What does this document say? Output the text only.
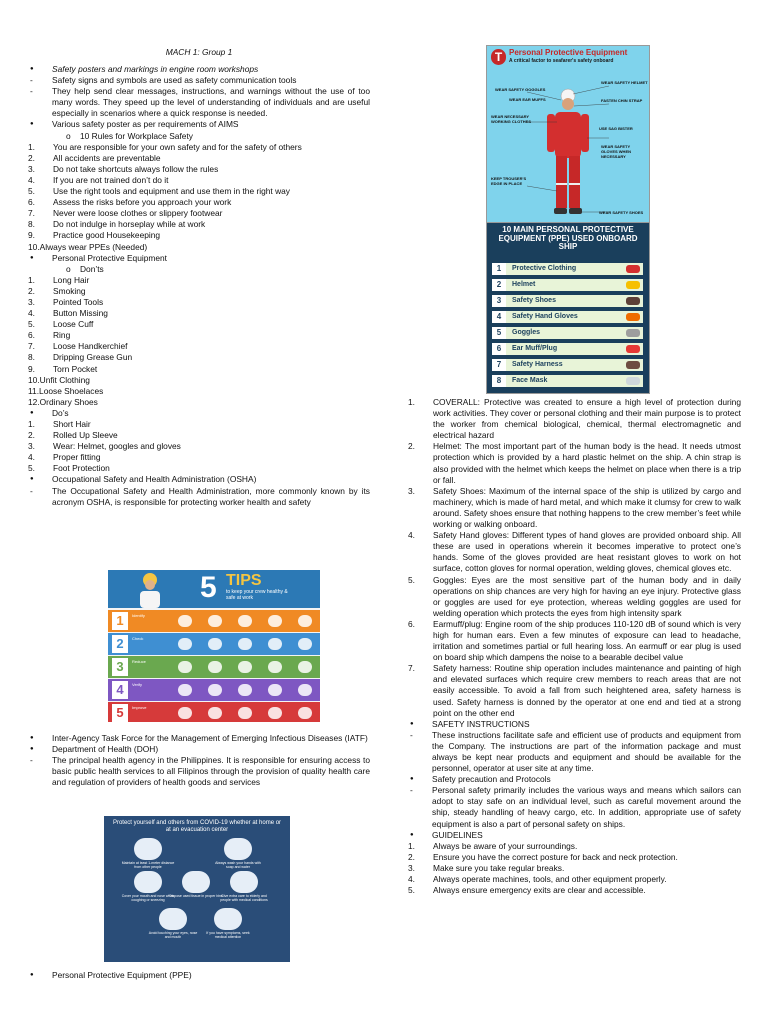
MACH 1: Group 1
●	Safety posters and markings in engine room workshops
-	Safety signs and symbols are used as safety communication tools
-	They help send clear messages, instructions, and warnings without the use of too many words. They speed up the level of understanding of individuals and are useful especially in scenarios where a quick response is needed.
●	Various safety poster as per requirements of AIMS
o	10 Rules for Workplace Safety
1.	You are responsible for your own safety and for the safety of others
2.	All accidents are preventable
3.	Do not take shortcuts always follow the rules
4.	If you are not trained don’t do it
5.	Use the right tools and equipment and use them in the right way
6.	Assess the risks before you approach your work
7.	Never were loose clothes or slippery footwear
8.	Do not indulge in horseplay while at work
9.	Practice good Housekeeping
10. Always wear PPEs (Needed)
●	Personal Protective Equipment
o	Don’ts
1.	Long Hair
2.	Smoking
3.	Pointed Tools
4.	Button Missing
5.	Loose Cuff
6.	Ring
7.	Loose Handkerchief
8.	Dripping Grease Gun
9.	Torn Pocket
10. Unfit Clothing
11. Loose Shoelaces
12. Ordinary Shoes
●	Do’s
1.	Short Hair
2.	Rolled Up Sleeve
3.	Wear: Helmet, googles and gloves
4.	Proper fitting
5.	Foot Protection
●	Occupational Safety and Health Administration (OSHA)
-	The Occupational Safety and Health Administration, more commonly known by its acronym OSHA, is responsible for protecting worker health and safety
●	Inter-Agency Task Force for the Management of Emerging Infectious Diseases (IATF)
●	Department of Health (DOH)
-	The principal health agency in the Philippines. It is responsible for ensuring access to basic public health services to all Filipinos through the provision of quality health care and regulation of providers of health goods and services
●	Personal Protective Equipment (PPE)
1.	COVERALL: Protective was created to ensure a high level of protection during work activities. They cover or personal clothing and their main purpose is to protect the worker from chemical biological, chemical, thermal electromagnetic and electrical hazard
2.	Helmet: The most important part of the human body is the head. It needs utmost protection which is provided by a hard plastic helmet on the ship. A chin strap is also provided with the helmet which keeps the helmet on place when there is a trip or fall.
3.	Safety Shoes: Maximum of the internal space of the ship is utilized by cargo and machinery, which is made of hard metal, and which make it clumsy for crew to walk around. Safety shoes ensure that nothing happens to the crew member’s feet while working or walking onboard.
4.	Safety Hand gloves: Different types of hand gloves are provided onboard ship. All these are used in operations wherein it becomes imperative to protect one’s hands. Some of the gloves provided are heat resistant gloves to work on hot surface, cotton gloves for normal operation, welding gloves, chemical gloves etc.
5.	Goggles: Eyes are the most sensitive part of the human body and in daily operations on ship chances are very high for having an eye injury. Protective glass or goggles are used for eye protection, whereas welding goggles are used for welding operation which protects the eyes from high intensity spark
6.	Earmuff/plug: Engine room of the ship produces 110-120 dB of sound which is very high for human ears. Even a few minutes of exposure can lead to headache, irritation and sometimes partial or full hearing loss. An earmuff or ear plug is used on board ship which dampens the noise to a bearable decibel value
7.	Safety harness: Routine ship operation includes maintenance and painting of high and elevated surfaces which require crew members to reach areas that are not easily accessible. To avoid a fall from such heightened area, safety harness is used. Safety harness is donned by the operator at one end and tied at a strong point on the other end
●	SAFETY INSTRUCTIONS
-	These instructions facilitate safe and efficient use of products and equipment from the Company. The instructions are part of the information package and must always be kept near products and equipment and should be available for the personnel, operator at user site at any time.
●	Safety precaution and Protocols
-	Personal safety primarily includes the various ways and means which sailors can adopt to stay safe on an individual level, such as careful movement around the ship, steady handling of heavy cargo, etc. In addition, appropriate use of safety equipment is also a part of personal safety on ships.
●	GUIDELINES
1.	Always be aware of your surroundings.
2.	Ensure you have the correct posture for back and neck protection.
3.	Make sure you take regular breaks.
4.	Always operate machines, tools, and other equipment properly.
5.	Always ensure emergency exits are clear and accessible.
T Personal Protective Equipment
A critical factor to seafarer's safety onboard
WEAR SAFETY HELMET
WEAR SAFETY GOGGLES
FASTEN CHIN STRAP
WEAR EAR MUFFS
WEAR NECESSARY WORKING CLOTHES
USE SAG BISTER
WEAR SAFETY GLOVES WHEN NECESSARY
KEEP TROUSER'S EDGE IN PLACE
WEAR SAFETY SHOES
10 MAIN PERSONAL PROTECTIVE EQUIPMENT (PPE) USED ONBOARD SHIP
1	Protective Clothing
2	Helmet
3	Safety Shoes
4	Safety Hand Gloves
5	Goggles
6	Ear Muff/Plug
7	Safety Harness
8	Face Mask
5 TIPS
to keep your crew healthy & safe at work
1	Identify
2	Check
3	Reduce
4	Verify
5	Improve
Protect yourself and others from COVID-19 whether at home or at an evacuation center
Maintain at least 1-meter distance from other people
Always wash your hands with soap and water
Cover your mouth and nose when coughing or sneezing
Dispose used tissue in proper bins
Give extra care to elderly and people with medical conditions
Avoid touching your eyes, nose and mouth
If you have symptoms, seek medical attention
